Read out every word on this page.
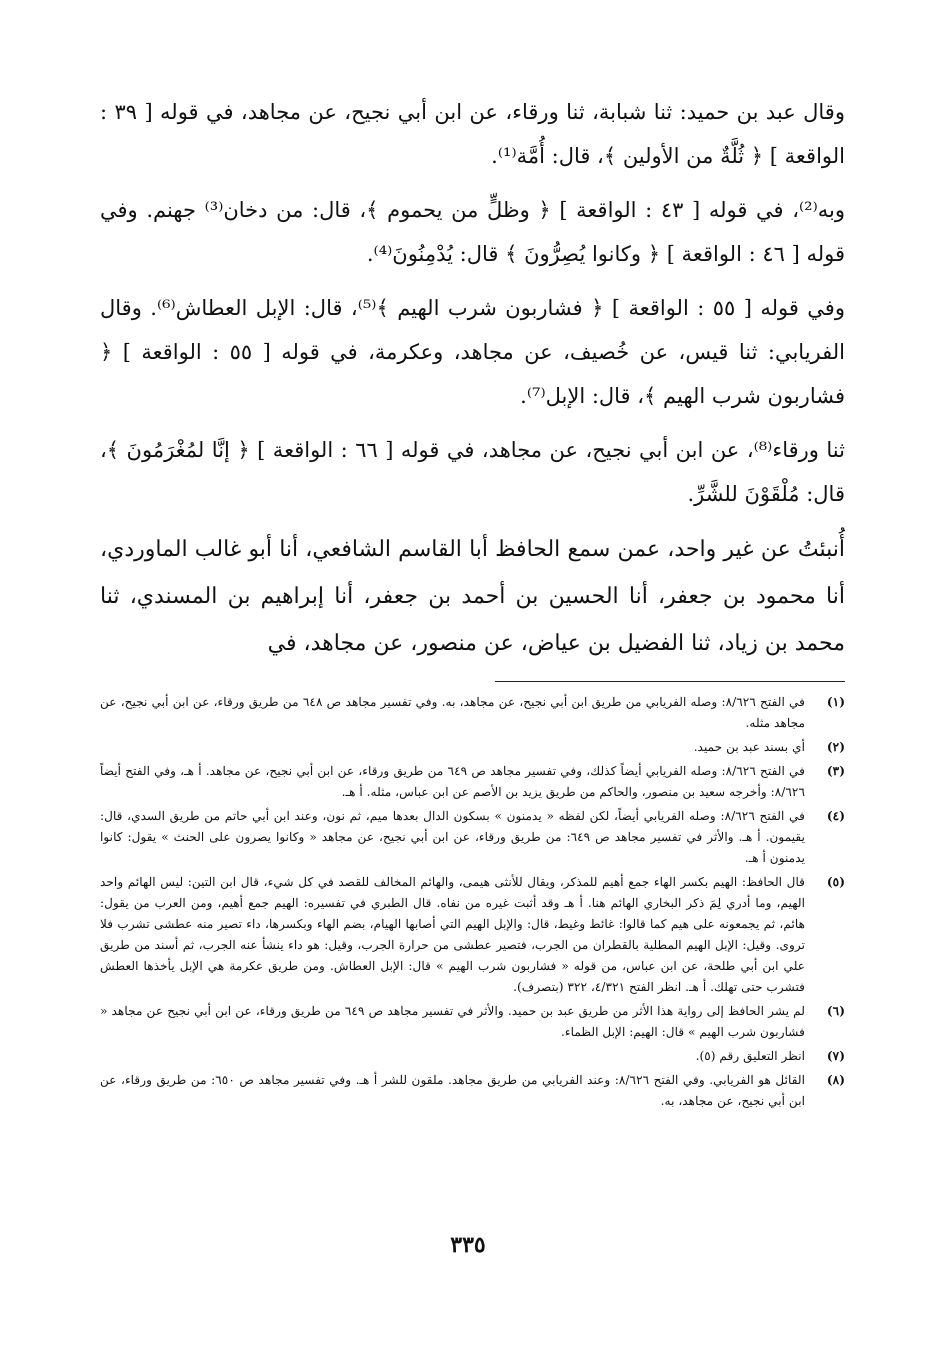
وقال عبد بن حميد: ثنا شبابة، ثنا ورقاء، عن ابن أبي نجيح، عن مجاهد، في قوله [ ٣٩ : الواقعة ] ﴿ ثُلَّةٌ من الأولين ﴾، قال: أُمَّة⁽¹⁾.

وبه⁽²⁾، في قوله [ ٤٣ : الواقعة ] ﴿ وظلٍّ من يحموم ﴾، قال: من دخان⁽³⁾ جهنم. وفي قوله [ ٤٦ : الواقعة ] ﴿ وكانوا يُصِرُّونَ ﴾ قال: يُدْمِنُونَ⁽⁴⁾.

وفي قوله [ ٥٥ : الواقعة ] ﴿ فشاربون شرب الهيم ﴾⁽⁵⁾، قال: الإبل العطاش⁽⁶⁾. وقال الفريابي: ثنا قيس، عن خُصيف، عن مجاهد، وعكرمة، في قوله [ ٥٥ : الواقعة ] ﴿ فشاربون شرب الهيم ﴾، قال: الإبل⁽⁷⁾.

ثنا ورقاء⁽⁸⁾، عن ابن أبي نجيح، عن مجاهد، في قوله [ ٦٦ : الواقعة ] ﴿ إنَّا لمُغْرَمُونَ ﴾، قال: مُلْقَوْنَ للشَّرِّ.

أُنبئتُ عن غير واحد، عمن سمع الحافظ أبا القاسم الشافعي، أنا أبو غالب الماوردي، أنا محمود بن جعفر، أنا الحسين بن أحمد بن جعفر، أنا إبراهيم بن المسندي، ثنا محمد بن زياد، ثنا الفضيل بن عياض، عن منصور، عن مجاهد، في

(١)
في الفتح ٨/٦٢٦: وصله الفريابي من طريق ابن أبي نجيح، عن مجاهد، به. وفي تفسير مجاهد ص ٦٤٨ من طريق ورقاء، عن ابن أبي نجيح، عن مجاهد مثله.
(٢)
أي بسند عبد بن حميد.
(٣)
في الفتح ٨/٦٢٦: وصله الفريابي أيضاً كذلك، وفي تفسير مجاهد ص ٦٤٩ من طريق ورقاء، عن ابن أبي نجيح، عن مجاهد. أ هـ، وفي الفتح أيضاً ٨/٦٢٦: وأخرجه سعيد بن منصور، والحاكم من طريق يزيد بن الأصم عن ابن عباس، مثله. أ هـ.
(٤)
في الفتح ٨/٦٢٦: وصله الفريابي أيضاً، لكن لفظه « يدمنون » بسكون الدال بعدها ميم، ثم نون، وعند ابن أبي حاتم من طريق السدي، قال: يقيمون. أ هـ. والأثر في تفسير مجاهد ص ٦٤٩: من طريق ورقاء، عن ابن أبي نجيح، عن مجاهد « وكانوا يصرون على الحنث » يقول: كانوا يدمنون أ هـ.
(٥)
قال الحافظ: الهيم بكسر الهاء جمع أهيم للمذكر، ويقال للأنثى هيمى، والهائم المخالف للقصد في كل شيء، قال ابن التين: ليس الهائم واحد الهيم، وما أدري لِمَ ذكر البخاري الهائم هنا. أ هـ وقد أثبت غيره من نفاه. قال الطبري في تفسيره: الهيم جمع أهيم، ومن العرب من يقول: هائم، ثم يجمعونه على هيم كما قالوا: غائط وغيط، قال: والإبل الهيم التي أصابها الهيام، بضم الهاء وبكسرها، داء تصير منه عطشى تشرب فلا تروى. وقيل: الإبل الهيم المطلية بالقطران من الجرب، فتصير عطشى من حرارة الجرب، وقيل: هو داء ينشأ عنه الجرب، ثم أسند من طريق علي ابن أبي طلحة، عن ابن عباس، من قوله « فشاربون شرب الهيم » قال: الإبل العطاش. ومن طريق عكرمة هي الإبل يأخذها العطش فتشرب حتى تهلك. أ هـ. انظر الفتح ٤/٣٢١، ٣٢٢ (بتصرف).
(٦)
لم يشر الحافظ إلى رواية هذا الأثر من طريق عبد بن حميد. والأثر في تفسير مجاهد ص ٦٤٩ من طريق ورقاء، عن ابن أبي نجيح عن مجاهد « فشاربون شرب الهيم » قال: الهيم: الإبل الظماء.
(٧)
انظر التعليق رقم (٥).
(٨)
القائل هو الفريابي. وفي الفتح ٨/٦٢٦: وعند الفريابي من طريق مجاهد. ملقون للشر أ هـ. وفي تفسير مجاهد ص ٦٥٠: من طريق ورقاء، عن ابن أبي نجيح، عن مجاهد، به.
٣٣٥
